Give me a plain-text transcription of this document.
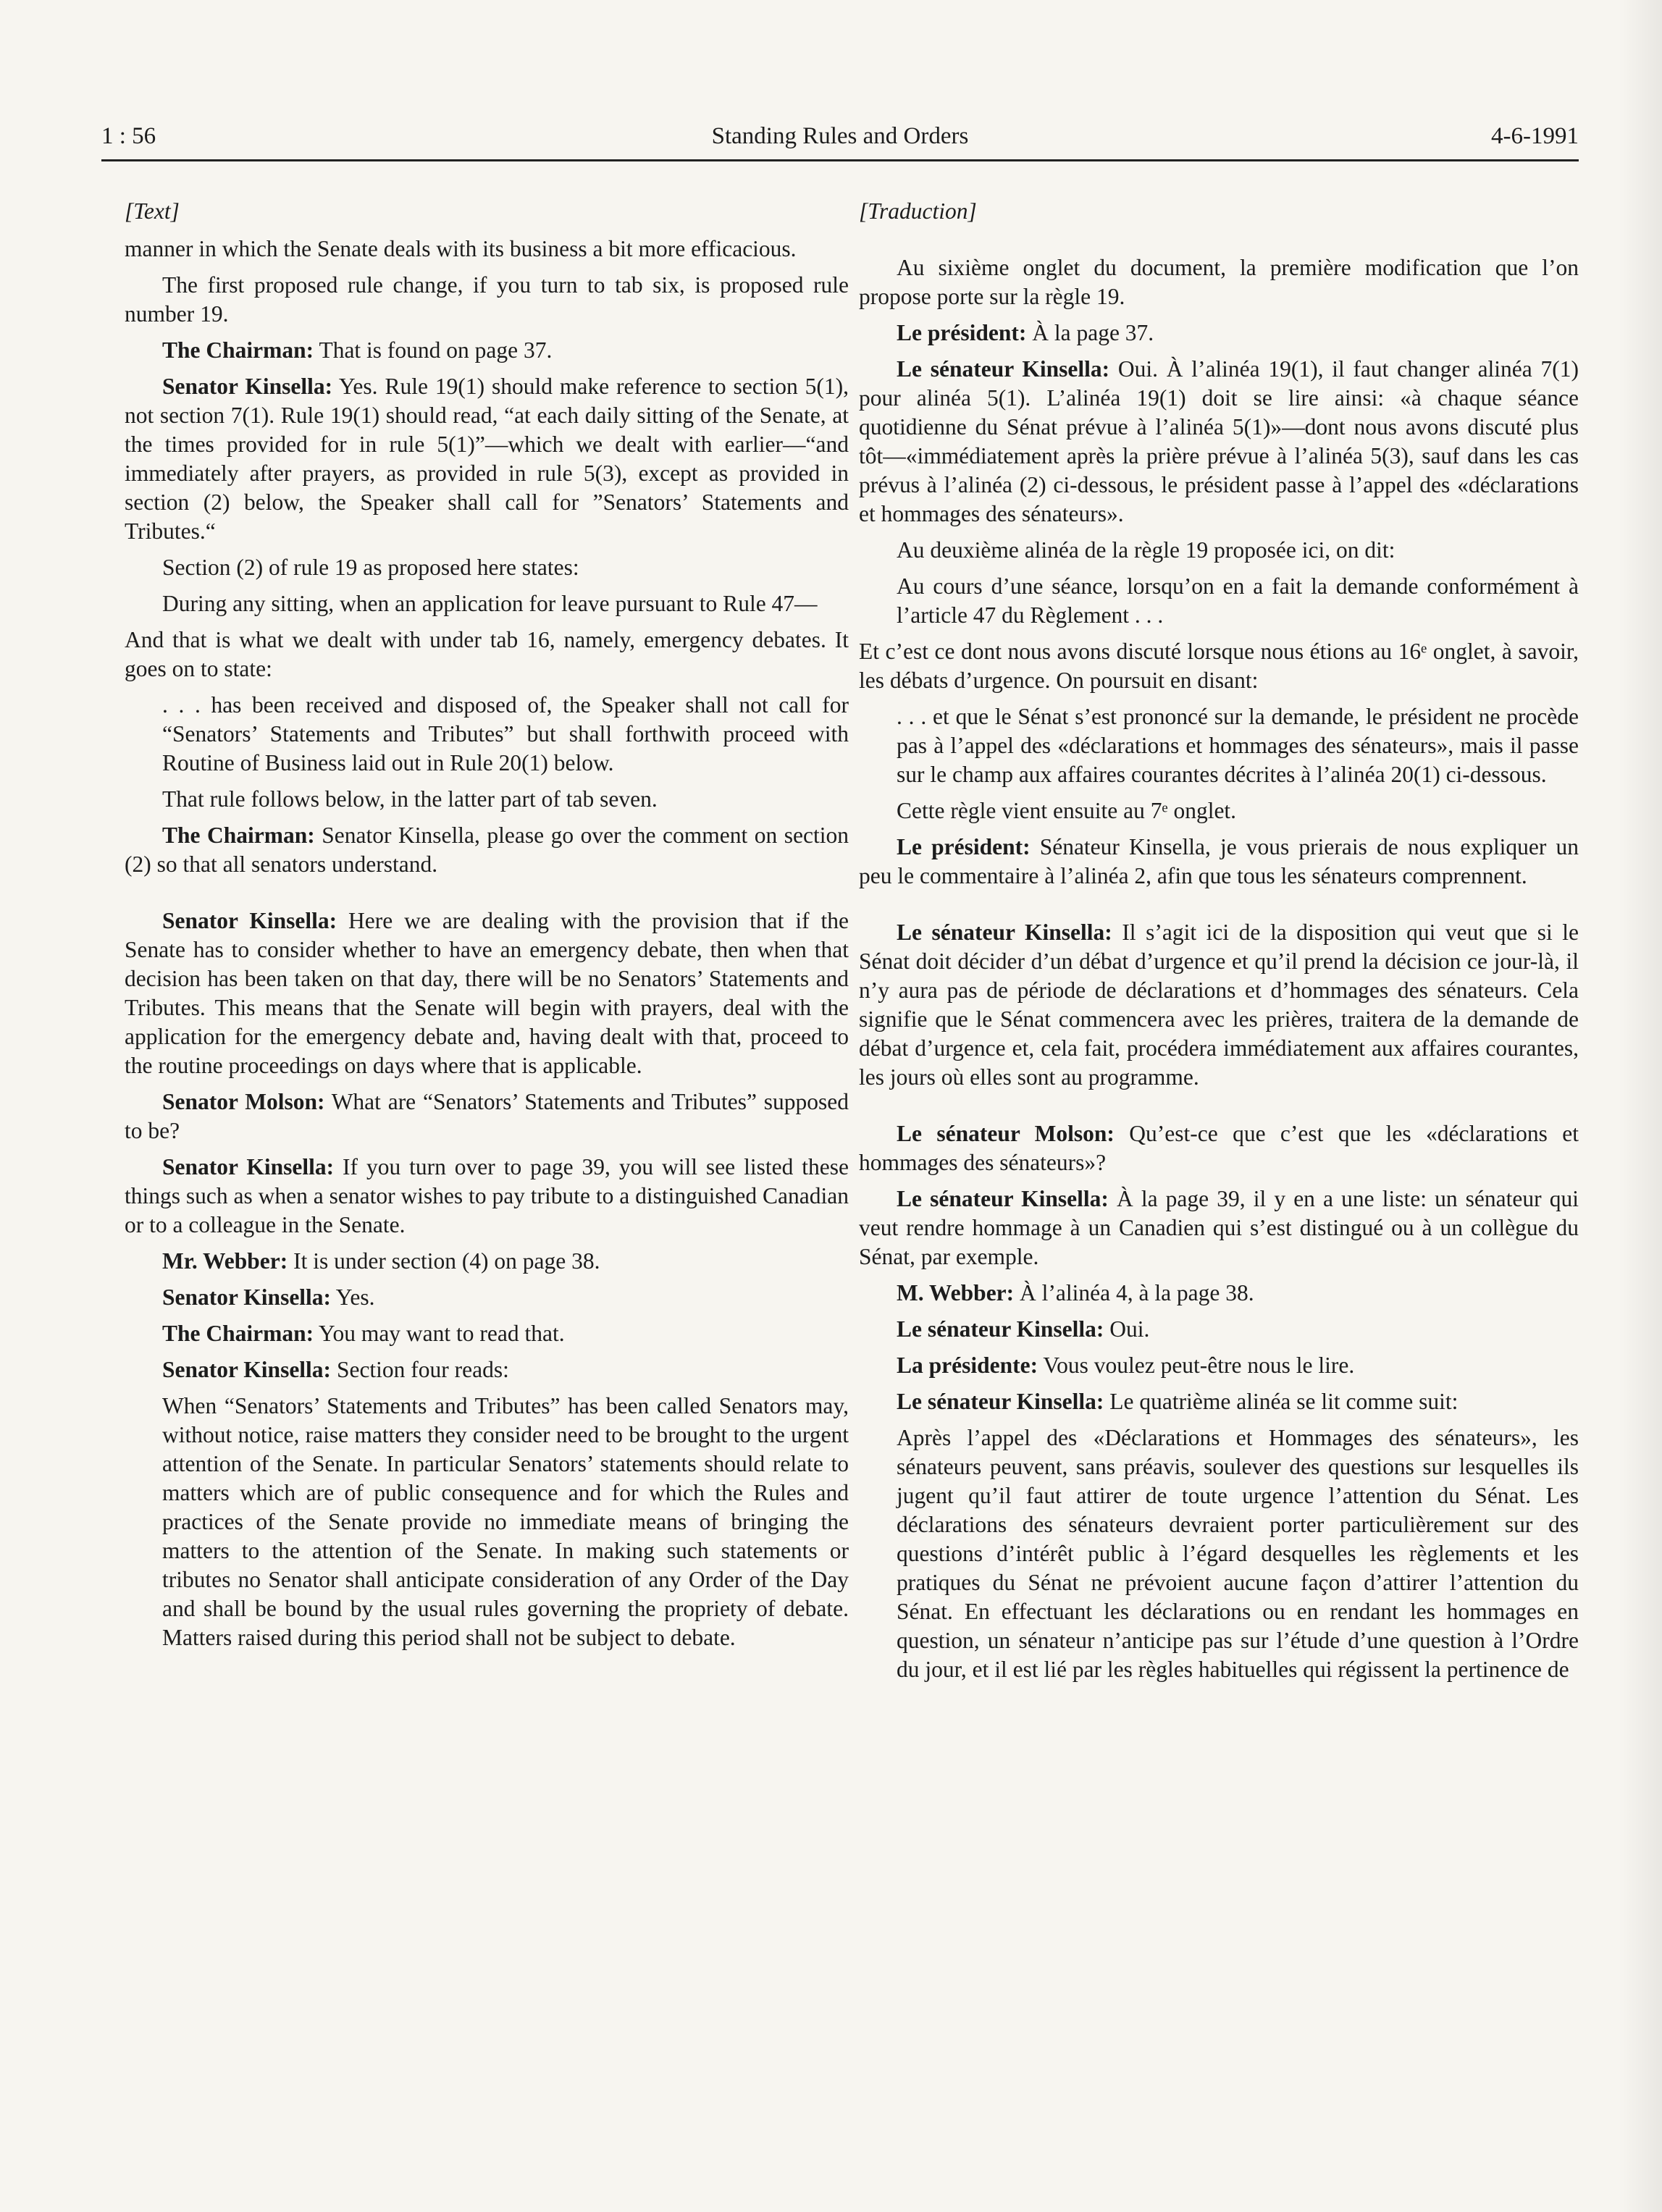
1 : 56	Standing Rules and Orders	4-6-1991

[Text]

manner in which the Senate deals with its business a bit more efficacious.

The first proposed rule change, if you turn to tab six, is proposed rule number 19.

The Chairman: That is found on page 37.

Senator Kinsella: Yes. Rule 19(1) should make reference to section 5(1), not section 7(1). Rule 19(1) should read, “at each daily sitting of the Senate, at the times provided for in rule 5(1)”—which we dealt with earlier—“and immediately after prayers, as provided in rule 5(3), except as provided in section (2) below, the Speaker shall call for ”Senators’ Statements and Tributes.“

Section (2) of rule 19 as proposed here states:

During any sitting, when an application for leave pursuant to Rule 47—

And that is what we dealt with under tab 16, namely, emergency debates. It goes on to state:

. . . has been received and disposed of, the Speaker shall not call for “Senators’ Statements and Tributes” but shall forthwith proceed with Routine of Business laid out in Rule 20(1) below.

That rule follows below, in the latter part of tab seven.

The Chairman: Senator Kinsella, please go over the comment on section (2) so that all senators understand.

Senator Kinsella: Here we are dealing with the provision that if the Senate has to consider whether to have an emergency debate, then when that decision has been taken on that day, there will be no Senators’ Statements and Tributes. This means that the Senate will begin with prayers, deal with the application for the emergency debate and, having dealt with that, proceed to the routine proceedings on days where that is applicable.

Senator Molson: What are “Senators’ Statements and Tributes” supposed to be?

Senator Kinsella: If you turn over to page 39, you will see listed these things such as when a senator wishes to pay tribute to a distinguished Canadian or to a colleague in the Senate.

Mr. Webber: It is under section (4) on page 38.

Senator Kinsella: Yes.

The Chairman: You may want to read that.

Senator Kinsella: Section four reads:

When “Senators’ Statements and Tributes” has been called Senators may, without notice, raise matters they consider need to be brought to the urgent attention of the Senate. In particular Senators’ statements should relate to matters which are of public consequence and for which the Rules and practices of the Senate provide no immediate means of bringing the matters to the attention of the Senate. In making such statements or tributes no Senator shall anticipate consideration of any Order of the Day and shall be bound by the usual rules governing the propriety of debate. Matters raised during this period shall not be subject to debate.

[Traduction]

Au sixième onglet du document, la première modification que l’on propose porte sur la règle 19.

Le président: À la page 37.

Le sénateur Kinsella: Oui. À l’alinéa 19(1), il faut changer alinéa 7(1) pour alinéa 5(1). L’alinéa 19(1) doit se lire ainsi: «à chaque séance quotidienne du Sénat prévue à l’alinéa 5(1)»—dont nous avons discuté plus tôt—«immédiatement après la prière prévue à l’alinéa 5(3), sauf dans les cas prévus à l’alinéa (2) ci-dessous, le président passe à l’appel des «déclarations et hommages des sénateurs».

Au deuxième alinéa de la règle 19 proposée ici, on dit:

Au cours d’une séance, lorsqu’on en a fait la demande conformément à l’article 47 du Règlement . . .

Et c’est ce dont nous avons discuté lorsque nous étions au 16ᵉ onglet, à savoir, les débats d’urgence. On poursuit en disant:

. . . et que le Sénat s’est prononcé sur la demande, le président ne procède pas à l’appel des «déclarations et hommages des sénateurs», mais il passe sur le champ aux affaires courantes décrites à l’alinéa 20(1) ci-dessous.

Cette règle vient ensuite au 7ᵉ onglet.

Le président: Sénateur Kinsella, je vous prierais de nous expliquer un peu le commentaire à l’alinéa 2, afin que tous les sénateurs comprennent.

Le sénateur Kinsella: Il s’agit ici de la disposition qui veut que si le Sénat doit décider d’un débat d’urgence et qu’il prend la décision ce jour-là, il n’y aura pas de période de déclarations et d’hommages des sénateurs. Cela signifie que le Sénat commencera avec les prières, traitera de la demande de débat d’urgence et, cela fait, procédera immédiatement aux affaires courantes, les jours où elles sont au programme.

Le sénateur Molson: Qu’est-ce que c’est que les «déclarations et hommages des sénateurs»?

Le sénateur Kinsella: À la page 39, il y en a une liste: un sénateur qui veut rendre hommage à un Canadien qui s’est distingué ou à un collègue du Sénat, par exemple.

M. Webber: À l’alinéa 4, à la page 38.

Le sénateur Kinsella: Oui.

La présidente: Vous voulez peut-être nous le lire.

Le sénateur Kinsella: Le quatrième alinéa se lit comme suit:

Après l’appel des «Déclarations et Hommages des sénateurs», les sénateurs peuvent, sans préavis, soulever des questions sur lesquelles ils jugent qu’il faut attirer de toute urgence l’attention du Sénat. Les déclarations des sénateurs devraient porter particulièrement sur des questions d’intérêt public à l’égard desquelles les règlements et les pratiques du Sénat ne prévoient aucune façon d’attirer l’attention du Sénat. En effectuant les déclarations ou en rendant les hommages en question, un sénateur n’anticipe pas sur l’étude d’une question à l’Ordre du jour, et il est lié par les règles habituelles qui régissent la pertinence de
